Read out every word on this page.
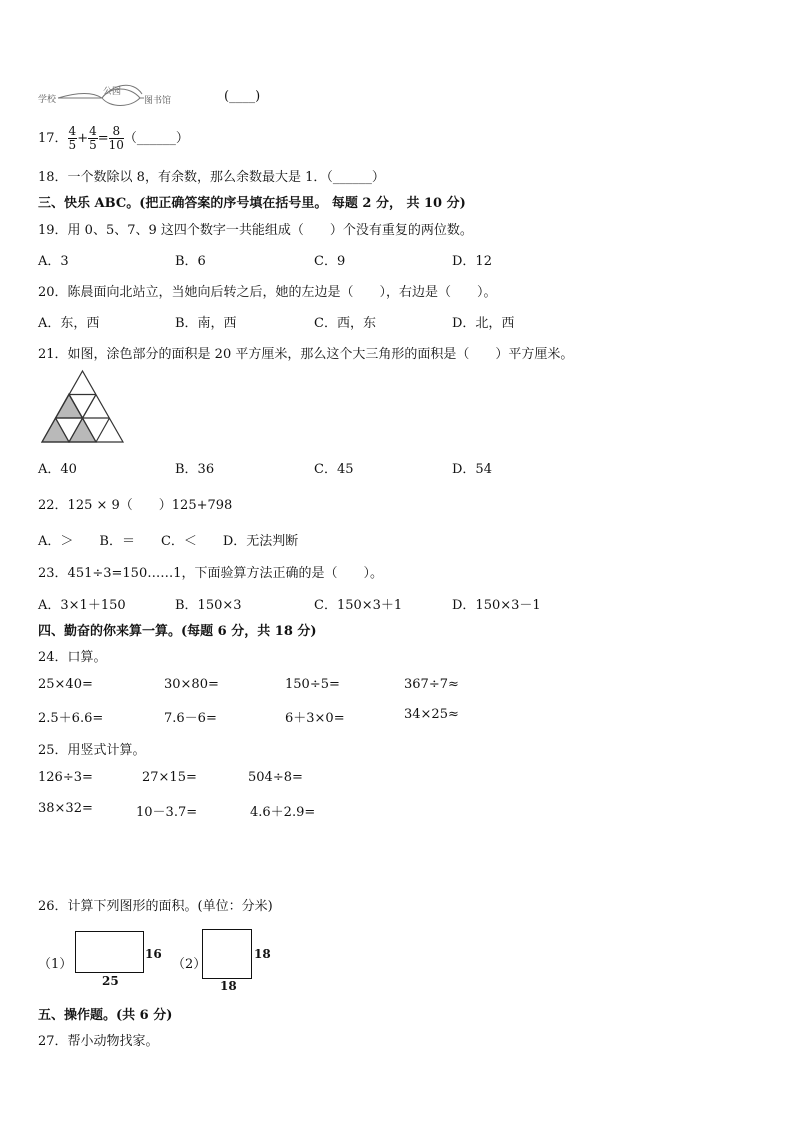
学校
公园
图书馆	(____)
17． $\frac{4}{5} + \frac{4}{5} = \frac{8}{10}$ （______）
18．一个数除以 8，有余数，那么余数最大是 1．（______）
三、快乐 ABC。(把正确答案的序号填在括号里。 每题 2 分， 共 10 分)
19．用 0、5、7、9 这四个数字一共能组成（　　）个没有重复的两位数。
A．3	B．6	C．9	D．12
20．陈晨面向北站立，当她向后转之后，她的左边是（　　），右边是（　　）。
A．东，西	B．南，西	C．西，东	D．北，西
21．如图，涂色部分的面积是 20 平方厘米，那么这个大三角形的面积是（　　）平方厘米。
A．40	B．36	C．45	D．54
22．125 × 9（　　）125+798
A．＞　　B．＝　　C．＜　　D．无法判断
23．451÷3=150……1，下面验算方法正确的是（　　）。
A．3×1＋150	B．150×3	C．150×3＋1	D．150×3－1
四、勤奋的你来算一算。(每题 6 分，共 18 分)
24．口算。
25×40=	30×80=	150÷5=	367÷7≈
2.5＋6.6=	7.6－6=	6＋3×0=	34×25≈
25．用竖式计算。
126÷3=	27×15=	504÷8=
38×32=	10－3.7=	4.6＋2.9=
26．计算下列图形的面积。(单位：分米)
（1）
16
25
（2）
18
18
五、操作题。(共 6 分)
27．帮小动物找家。
